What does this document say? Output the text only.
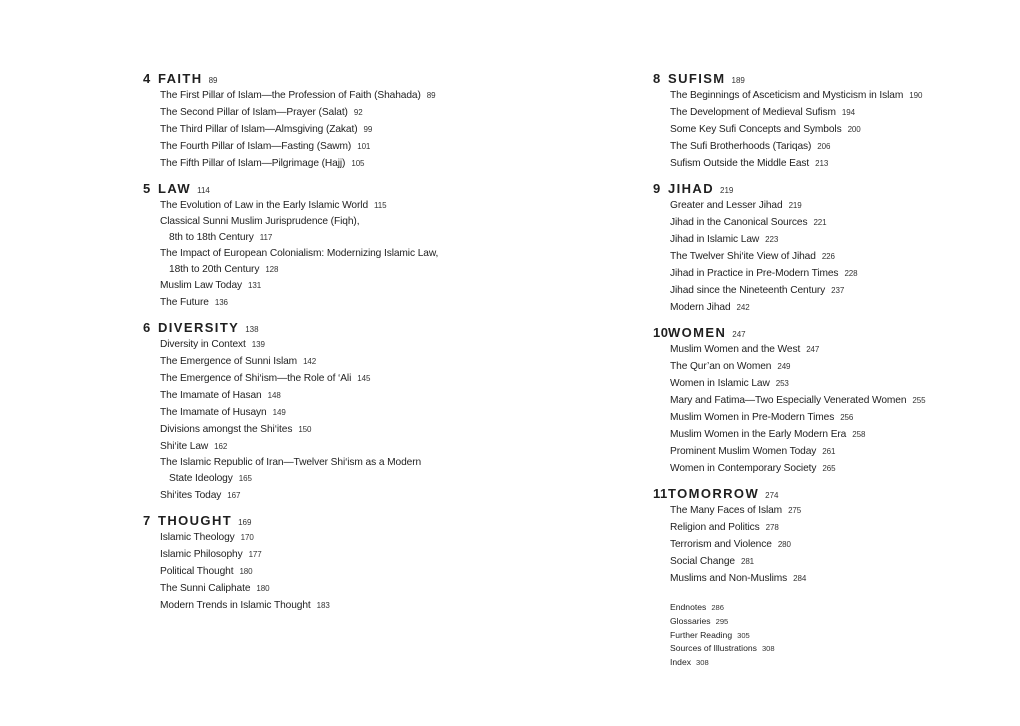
4 FAITH 89
The First Pillar of Islam—the Profession of Faith (Shahada) 89
The Second Pillar of Islam—Prayer (Salat) 92
The Third Pillar of Islam—Almsgiving (Zakat) 99
The Fourth Pillar of Islam—Fasting (Sawm) 101
The Fifth Pillar of Islam—Pilgrimage (Hajj) 105
5 LAW 114
The Evolution of Law in the Early Islamic World 115
Classical Sunni Muslim Jurisprudence (Fiqh),
8th to 18th Century 117
The Impact of European Colonialism: Modernizing Islamic Law,
18th to 20th Century 128
Muslim Law Today 131
The Future 136
6 DIVERSITY 138
Diversity in Context 139
The Emergence of Sunni Islam 142
The Emergence of Shi‘ism—the Role of ‘Ali 145
The Imamate of Hasan 148
The Imamate of Husayn 149
Divisions amongst the Shi‘ites 150
Shi‘ite Law 162
The Islamic Republic of Iran—Twelver Shi‘ism as a Modern
State Ideology 165
Shi‘ites Today 167
7 THOUGHT 169
Islamic Theology 170
Islamic Philosophy 177
Political Thought 180
The Sunni Caliphate 180
Modern Trends in Islamic Thought 183
8 SUFISM 189
The Beginnings of Asceticism and Mysticism in Islam 190
The Development of Medieval Sufism 194
Some Key Sufi Concepts and Symbols 200
The Sufi Brotherhoods (Tariqas) 206
Sufism Outside the Middle East 213
9 JIHAD 219
Greater and Lesser Jihad 219
Jihad in the Canonical Sources 221
Jihad in Islamic Law 223
The Twelver Shi‘ite View of Jihad 226
Jihad in Practice in Pre-Modern Times 228
Jihad since the Nineteenth Century 237
Modern Jihad 242
10 WOMEN 247
Muslim Women and the West 247
The Qur’an on Women 249
Women in Islamic Law 253
Mary and Fatima—Two Especially Venerated Women 255
Muslim Women in Pre-Modern Times 256
Muslim Women in the Early Modern Era 258
Prominent Muslim Women Today 261
Women in Contemporary Society 265
11 TOMORROW 274
The Many Faces of Islam 275
Religion and Politics 278
Terrorism and Violence 280
Social Change 281
Muslims and Non-Muslims 284
Endnotes 286
Glossaries 295
Further Reading 305
Sources of Illustrations 308
Index 308
